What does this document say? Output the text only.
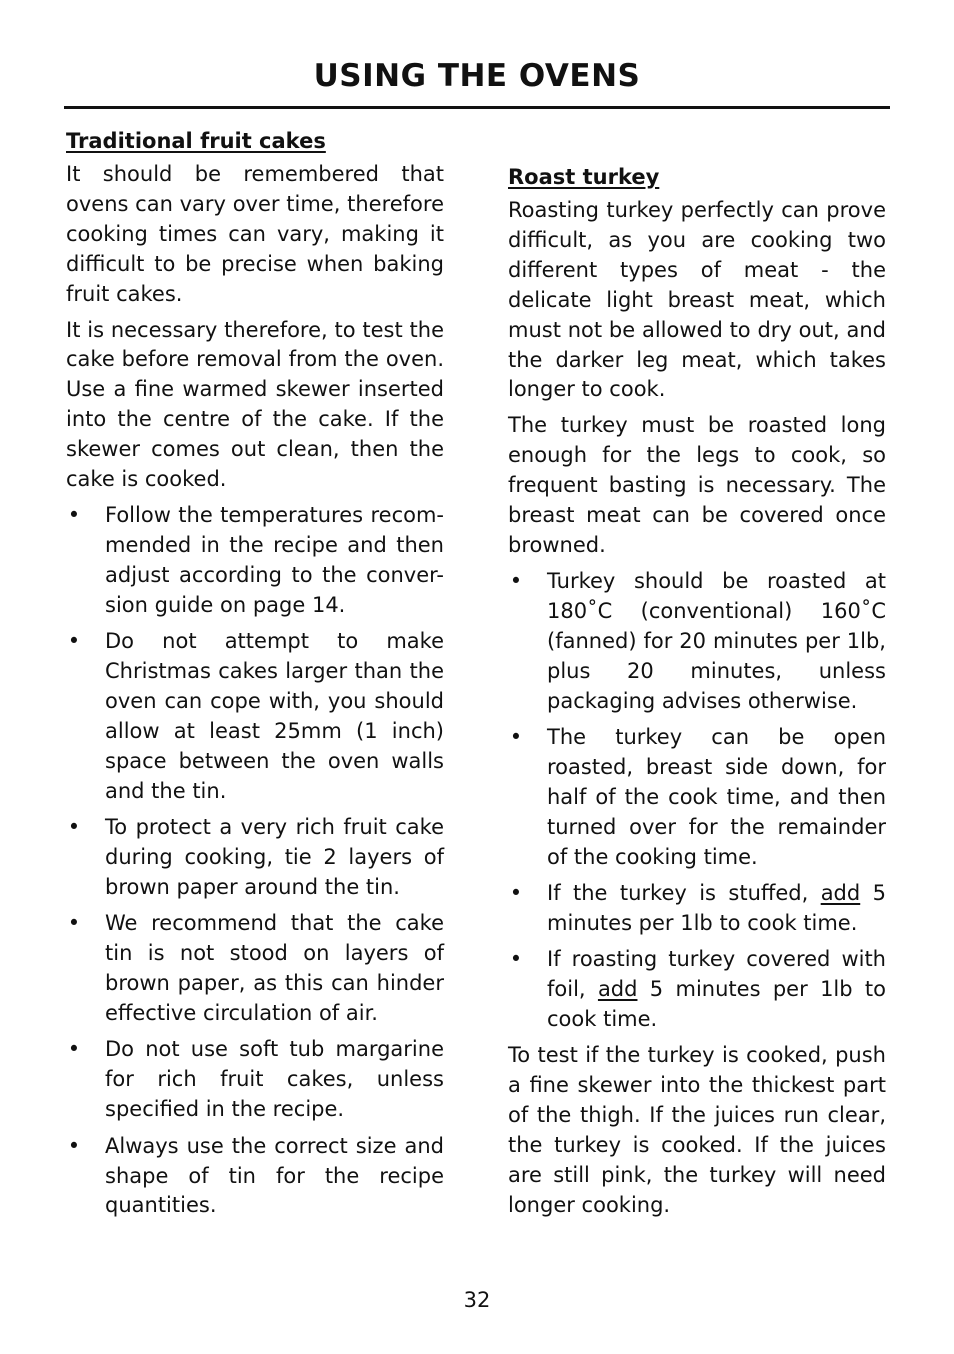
USING THE OVENS
Traditional fruit cakes

It should be remembered that ovens can vary over time, therefore cooking times can vary, making it difficult to be precise when baking fruit cakes.

It is necessary therefore, to test the cake before removal from the oven. Use a fine warmed skewer inserted into the centre of the cake. If the skewer comes out clean, then the cake is cooked.

• Follow the temperatures recom-mended in the recipe and then adjust according to the conver-sion guide on page 14.
• Do not attempt to make Christmas cakes larger than the oven can cope with, you should allow at least 25mm (1 inch) space between the oven walls and the tin.
• To protect a very rich fruit cake during cooking, tie 2 layers of brown paper around the tin.
• We recommend that the cake tin is not stood on layers of brown paper, as this can hinder effective circulation of air.
• Do not use soft tub margarine for rich fruit cakes, unless specified in the recipe.
• Always use the correct size and shape of tin for the recipe quantities.
Roast turkey

Roasting turkey perfectly can prove difficult, as you are cooking two different types of meat - the delicate light breast meat, which must not be allowed to dry out, and the darker leg meat, which takes longer to cook.

The turkey must be roasted long enough for the legs to cook, so frequent basting is necessary. The breast meat can be covered once browned.

• Turkey should be roasted at 180˚C (conventional) 160˚C (fanned) for 20 minutes per 1lb, plus 20 minutes, unless packaging advises otherwise.
• The turkey can be open roasted, breast side down, for half of the cook time, and then turned over for the remainder of the cooking time.
• If the turkey is stuffed, add 5 minutes per 1lb to cook time.
• If roasting turkey covered with foil, add 5 minutes per 1lb to cook time.

To test if the turkey is cooked, push a fine skewer into the thickest part of the thigh. If the juices run clear, the turkey is cooked. If the juices are still pink, the turkey will need longer cooking.

32
